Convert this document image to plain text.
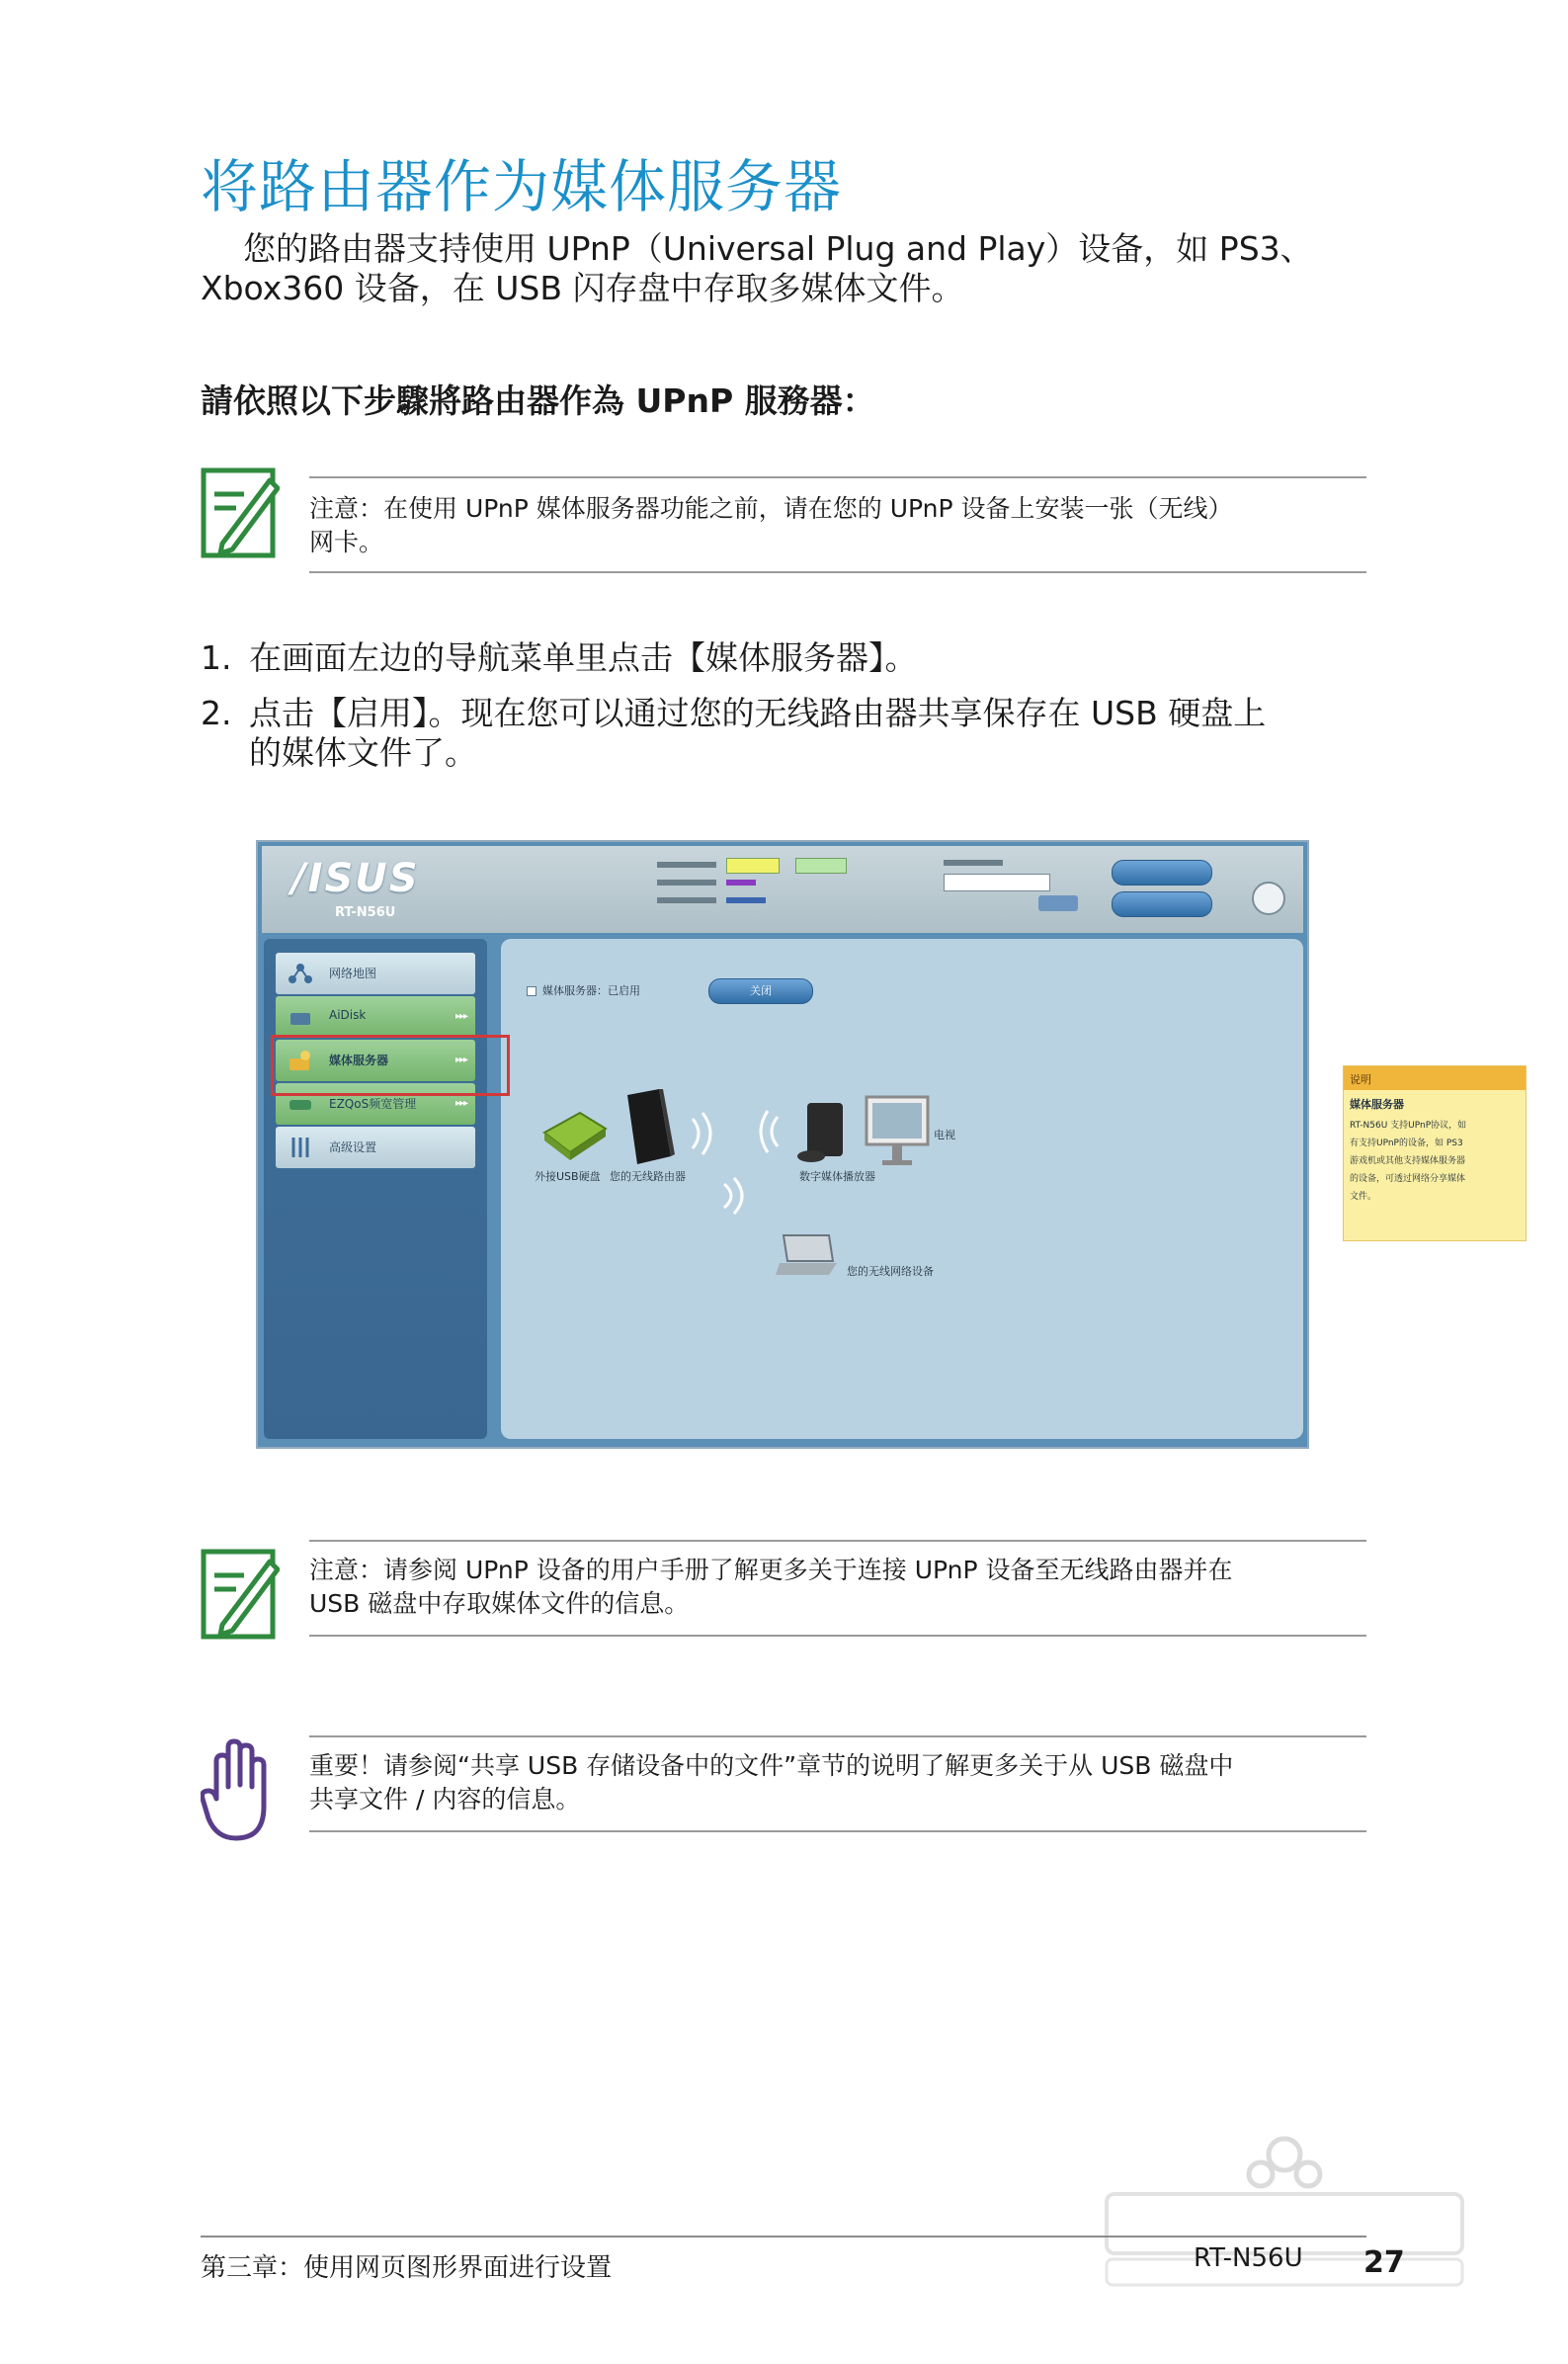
将路由器作为媒体服务器
您的路由器支持使用 UPnP（Universal Plug and Play）设备，如 PS3、
Xbox360 设备，在 USB 闪存盘中存取多媒体文件。
請依照以下步驟將路由器作為 UPnP 服務器：
注意：在使用 UPnP 媒体服务器功能之前，请在您的 UPnP 设备上安装一张（无线）
网卡。
1. 在画面左边的导航菜单里点击【媒体服务器】。
2. 点击【启用】。现在您可以通过您的无线路由器共享保存在 USB 硬盘上
的媒体文件了。
/ISUS
RT-N56U
网络地图
AiDisk	▸▸▸
媒体服务器	▸▸▸
EZQoS频宽管理	▸▸▸
高级设置
媒体服务器：已启用	关闭
外接USB硬盘 您的无线路由器	数字媒体播放器
电视
您的无线网络设备
说明
媒体服务器
RT-N56U 支持UPnP协议，如
有支持UPnP的设备，如 PS3
游戏机或其他支持媒体服务器
的设备，可透过网络分享媒体
文件。
注意：请参阅 UPnP 设备的用户手册了解更多关于连接 UPnP 设备至无线路由器并在
USB 磁盘中存取媒体文件的信息。
重要！请参阅“共享 USB 存储设备中的文件”章节的说明了解更多关于从 USB 磁盘中
共享文件 / 内容的信息。
第三章：使用网页图形界面进行设置	RT-N56U 27
